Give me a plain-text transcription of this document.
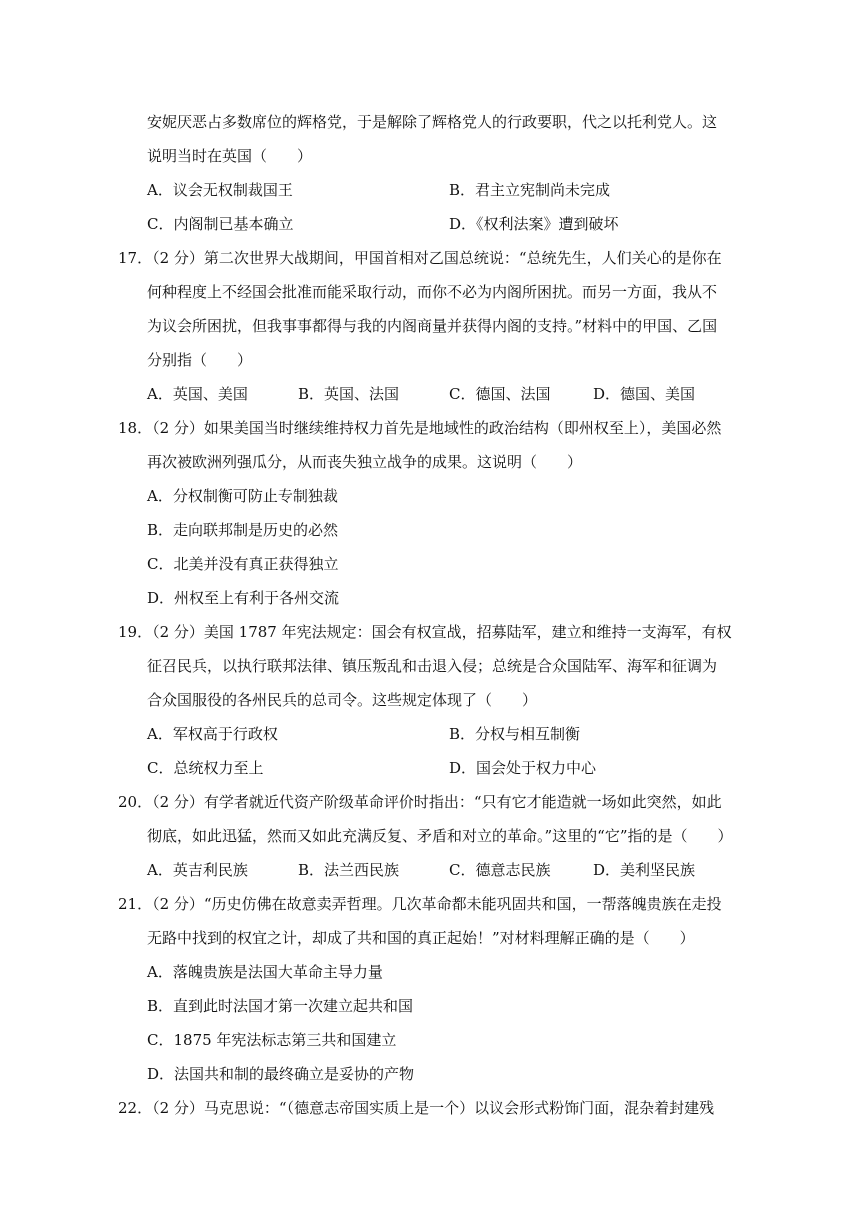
安妮厌恶占多数席位的辉格党，于是解除了辉格党人的行政要职，代之以托利党人。这
说明当时在英国（　　）
A．议会无权制裁国王	B．君主立宪制尚未完成
C．内阁制已基本确立	D．《权利法案》遭到破坏
17．（2 分）第二次世界大战期间，甲国首相对乙国总统说：“总统先生，人们关心的是你在
何种程度上不经国会批准而能采取行动，而你不必为内阁所困扰。而另一方面，我从不
为议会所困扰，但我事事都得与我的内阁商量并获得内阁的支持。”材料中的甲国、乙国
分别指（　　）
A．英国、美国	B．英国、法国	C．德国、法国	D．德国、美国
18．（2 分）如果美国当时继续维持权力首先是地域性的政治结构（即州权至上），美国必然
再次被欧洲列强瓜分，从而丧失独立战争的成果。这说明（　　）
A．分权制衡可防止专制独裁
B．走向联邦制是历史的必然
C．北美并没有真正获得独立
D．州权至上有利于各州交流
19．（2 分）美国 1787 年宪法规定：国会有权宣战，招募陆军，建立和维持一支海军，有权
征召民兵，以执行联邦法律、镇压叛乱和击退入侵；总统是合众国陆军、海军和征调为
合众国服役的各州民兵的总司令。这些规定体现了（　　）
A．军权高于行政权	B．分权与相互制衡
C．总统权力至上	D．国会处于权力中心
20．（2 分）有学者就近代资产阶级革命评价时指出：“只有它才能造就一场如此突然，如此
彻底，如此迅猛，然而又如此充满反复、矛盾和对立的革命。”这里的“它”指的是（　　）
A．英吉利民族	B．法兰西民族	C．德意志民族	D．美利坚民族
21．（2 分）“历史仿佛在故意卖弄哲理。几次革命都未能巩固共和国，一帮落魄贵族在走投
无路中找到的权宜之计，却成了共和国的真正起始！”对材料理解正确的是（　　）
A．落魄贵族是法国大革命主导力量
B．直到此时法国才第一次建立起共和国
C．1875 年宪法标志第三共和国建立
D．法国共和制的最终确立是妥协的产物
22．（2 分）马克思说：“（德意志帝国实质上是一个）以议会形式粉饰门面，混杂着封建残
